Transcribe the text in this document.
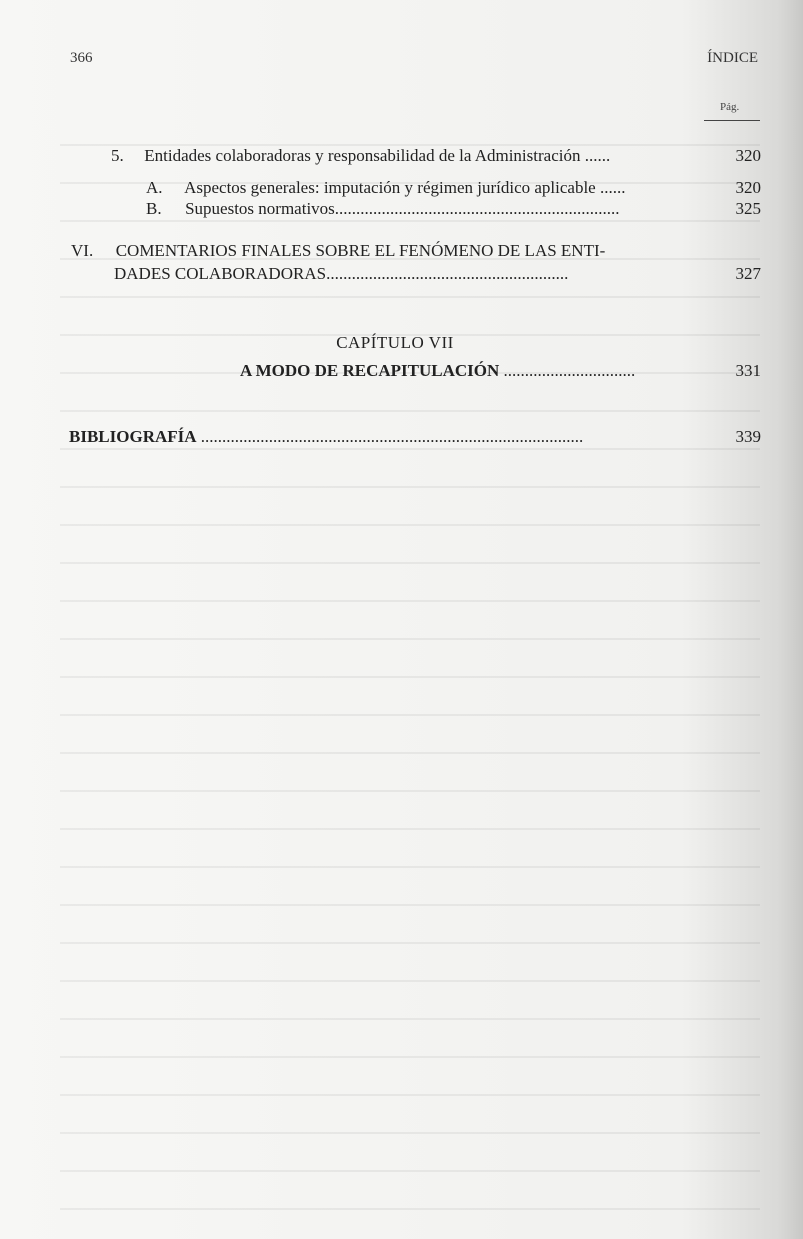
366	ÍNDICE
Pág.
5. Entidades colaboradoras y responsabilidad de la Administración ......	320
A. Aspectos generales: imputación y régimen jurídico aplicable ......	320
B. Supuestos normativos...................................................................	325
VI. COMENTARIOS FINALES SOBRE EL FENÓMENO DE LAS ENTI-
DADES COLABORADORAS.........................................................	327
CAPÍTULO VII
A MODO DE RECAPITULACIÓN ...............................	331
BIBLIOGRAFÍA ..........................................................................................	339
